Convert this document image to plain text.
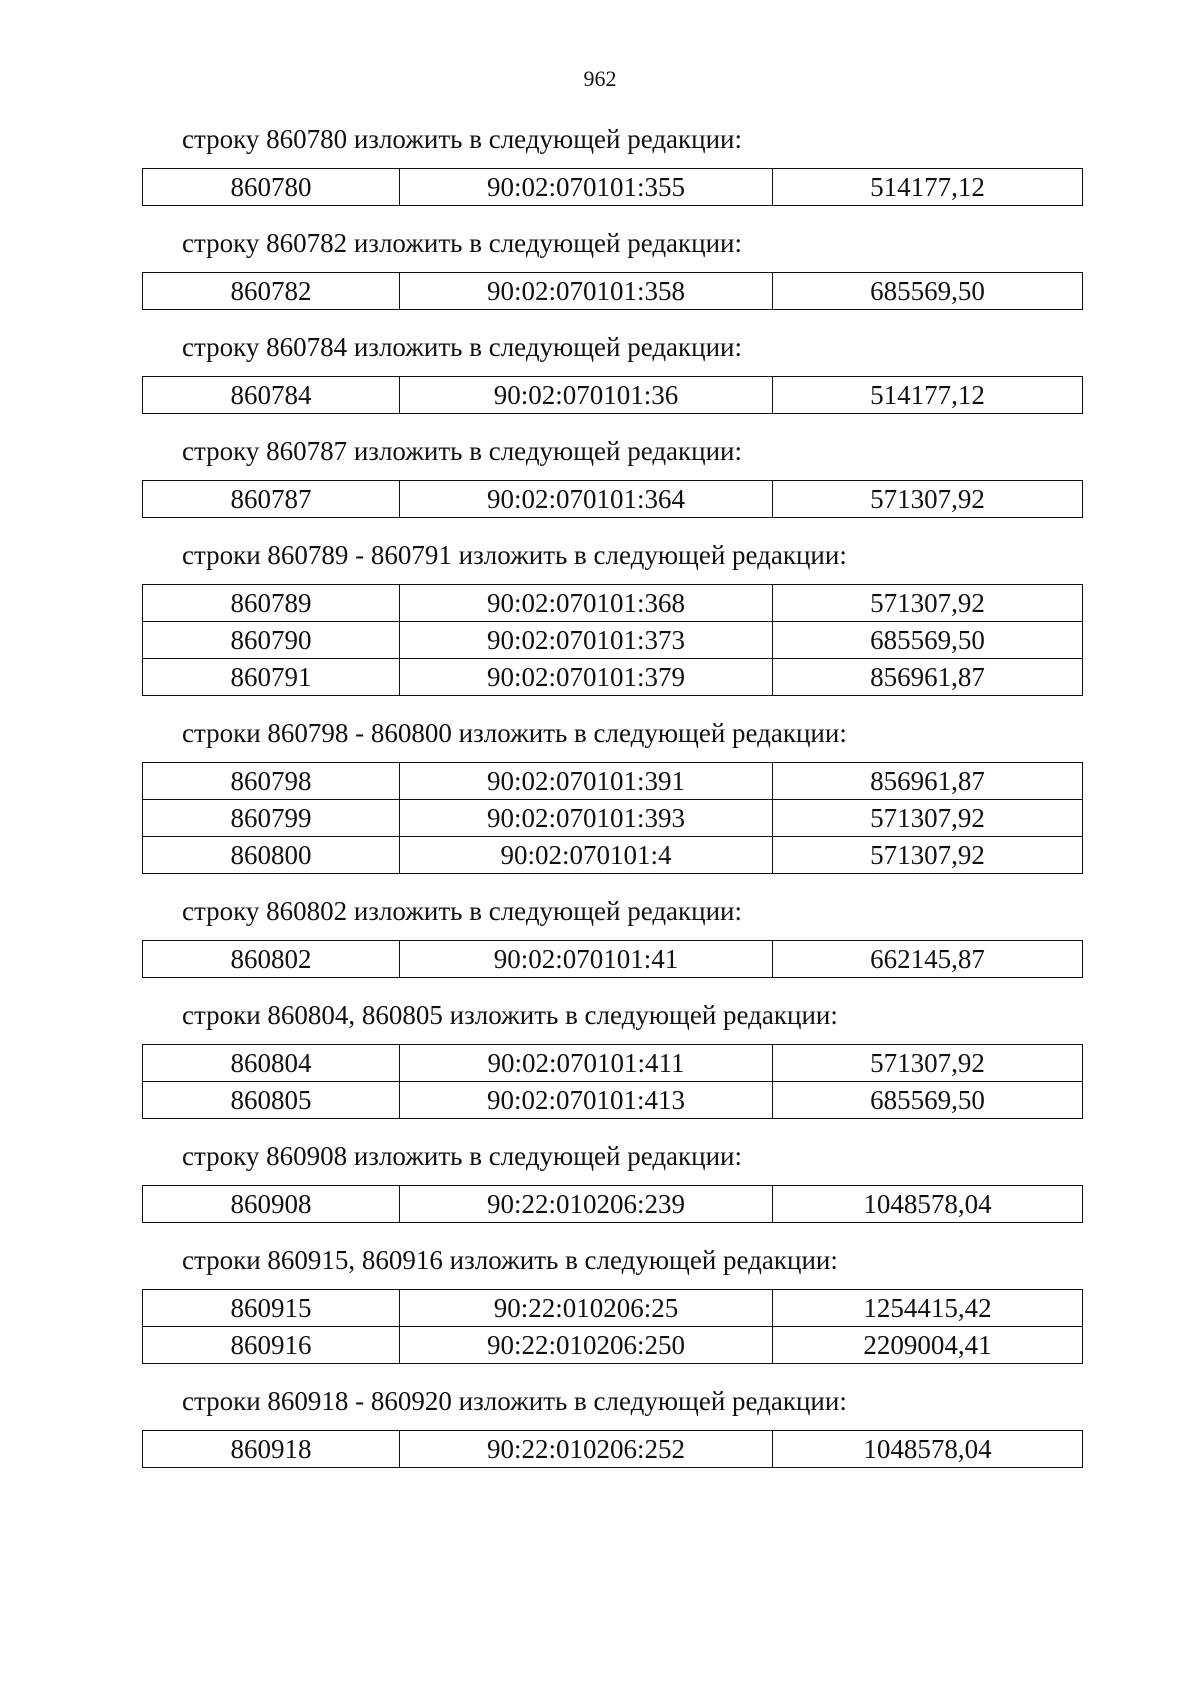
962
строку 860780 изложить в следующей редакции:
860780	90:02:070101:355	514177,12
строку 860782 изложить в следующей редакции:
860782	90:02:070101:358	685569,50
строку 860784 изложить в следующей редакции:
860784	90:02:070101:36	514177,12
строку 860787 изложить в следующей редакции:
860787	90:02:070101:364	571307,92
строки 860789 - 860791 изложить в следующей редакции:
860789	90:02:070101:368	571307,92
860790	90:02:070101:373	685569,50
860791	90:02:070101:379	856961,87
строки 860798 - 860800 изложить в следующей редакции:
860798	90:02:070101:391	856961,87
860799	90:02:070101:393	571307,92
860800	90:02:070101:4	571307,92
строку 860802 изложить в следующей редакции:
860802	90:02:070101:41	662145,87
строки 860804, 860805 изложить в следующей редакции:
860804	90:02:070101:411	571307,92
860805	90:02:070101:413	685569,50
строку 860908 изложить в следующей редакции:
860908	90:22:010206:239	1048578,04
строки 860915, 860916 изложить в следующей редакции:
860915	90:22:010206:25	1254415,42
860916	90:22:010206:250	2209004,41
строки 860918 - 860920 изложить в следующей редакции:
860918	90:22:010206:252	1048578,04
